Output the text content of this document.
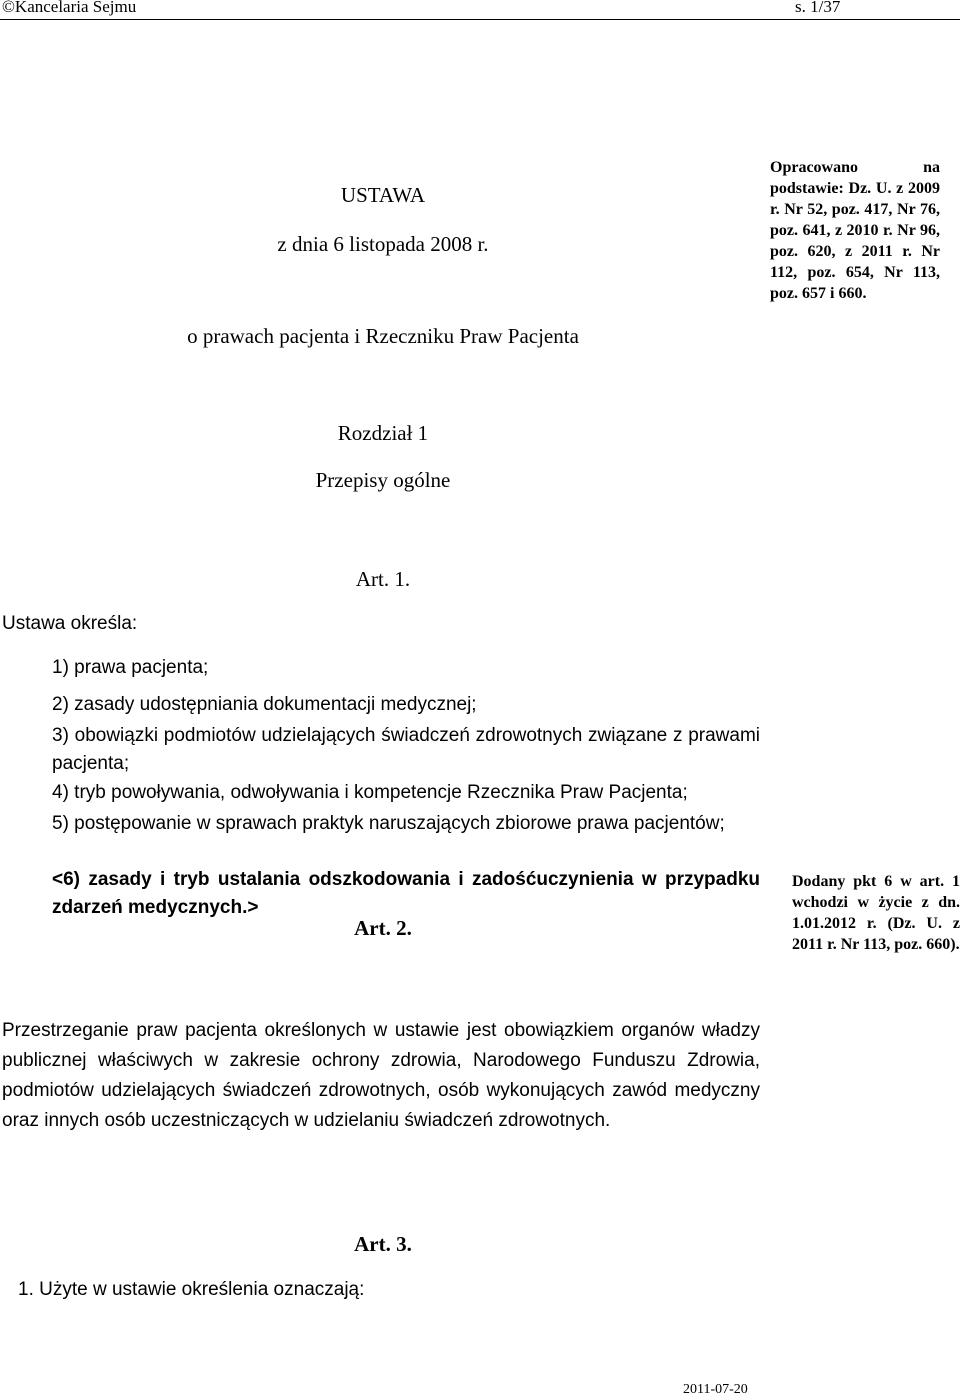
©Kancelaria Sejmu	s. 1/37
USTAWA
z dnia 6 listopada 2008 r.
o prawach pacjenta i Rzeczniku Praw Pacjenta
Opracowano na podstawie: Dz. U. z 2009 r. Nr 52, poz. 417, Nr 76, poz. 641, z 2010 r. Nr 96, poz. 620, z 2011 r. Nr 112, poz. 654, Nr 113, poz. 657 i 660.
Rozdział 1
Przepisy ogólne
Art. 1.
Ustawa określa:
1) prawa pacjenta;
2) zasady udostępniania dokumentacji medycznej;
3) obowiązki podmiotów udzielających świadczeń zdrowotnych związane z prawami pacjenta;
4) tryb powoływania, odwoływania i kompetencje Rzecznika Praw Pacjenta;
5) postępowanie w sprawach praktyk naruszających zbiorowe prawa pacjentów;
<6) zasady i tryb ustalania odszkodowania i zadośćuczynienia w przypadku zdarzeń medycznych.>
Dodany pkt 6 w art. 1 wchodzi w życie z dn. 1.01.2012 r. (Dz. U. z 2011 r. Nr 113, poz. 660).
Art. 2.
Przestrzeganie praw pacjenta określonych w ustawie jest obowiązkiem organów władzy publicznej właściwych w zakresie ochrony zdrowia, Narodowego Funduszu Zdrowia, podmiotów udzielających świadczeń zdrowotnych, osób wykonujących zawód medyczny oraz innych osób uczestniczących w udzielaniu świadczeń zdrowotnych.
Art. 3.
1. Użyte w ustawie określenia oznaczają:
2011-07-20
